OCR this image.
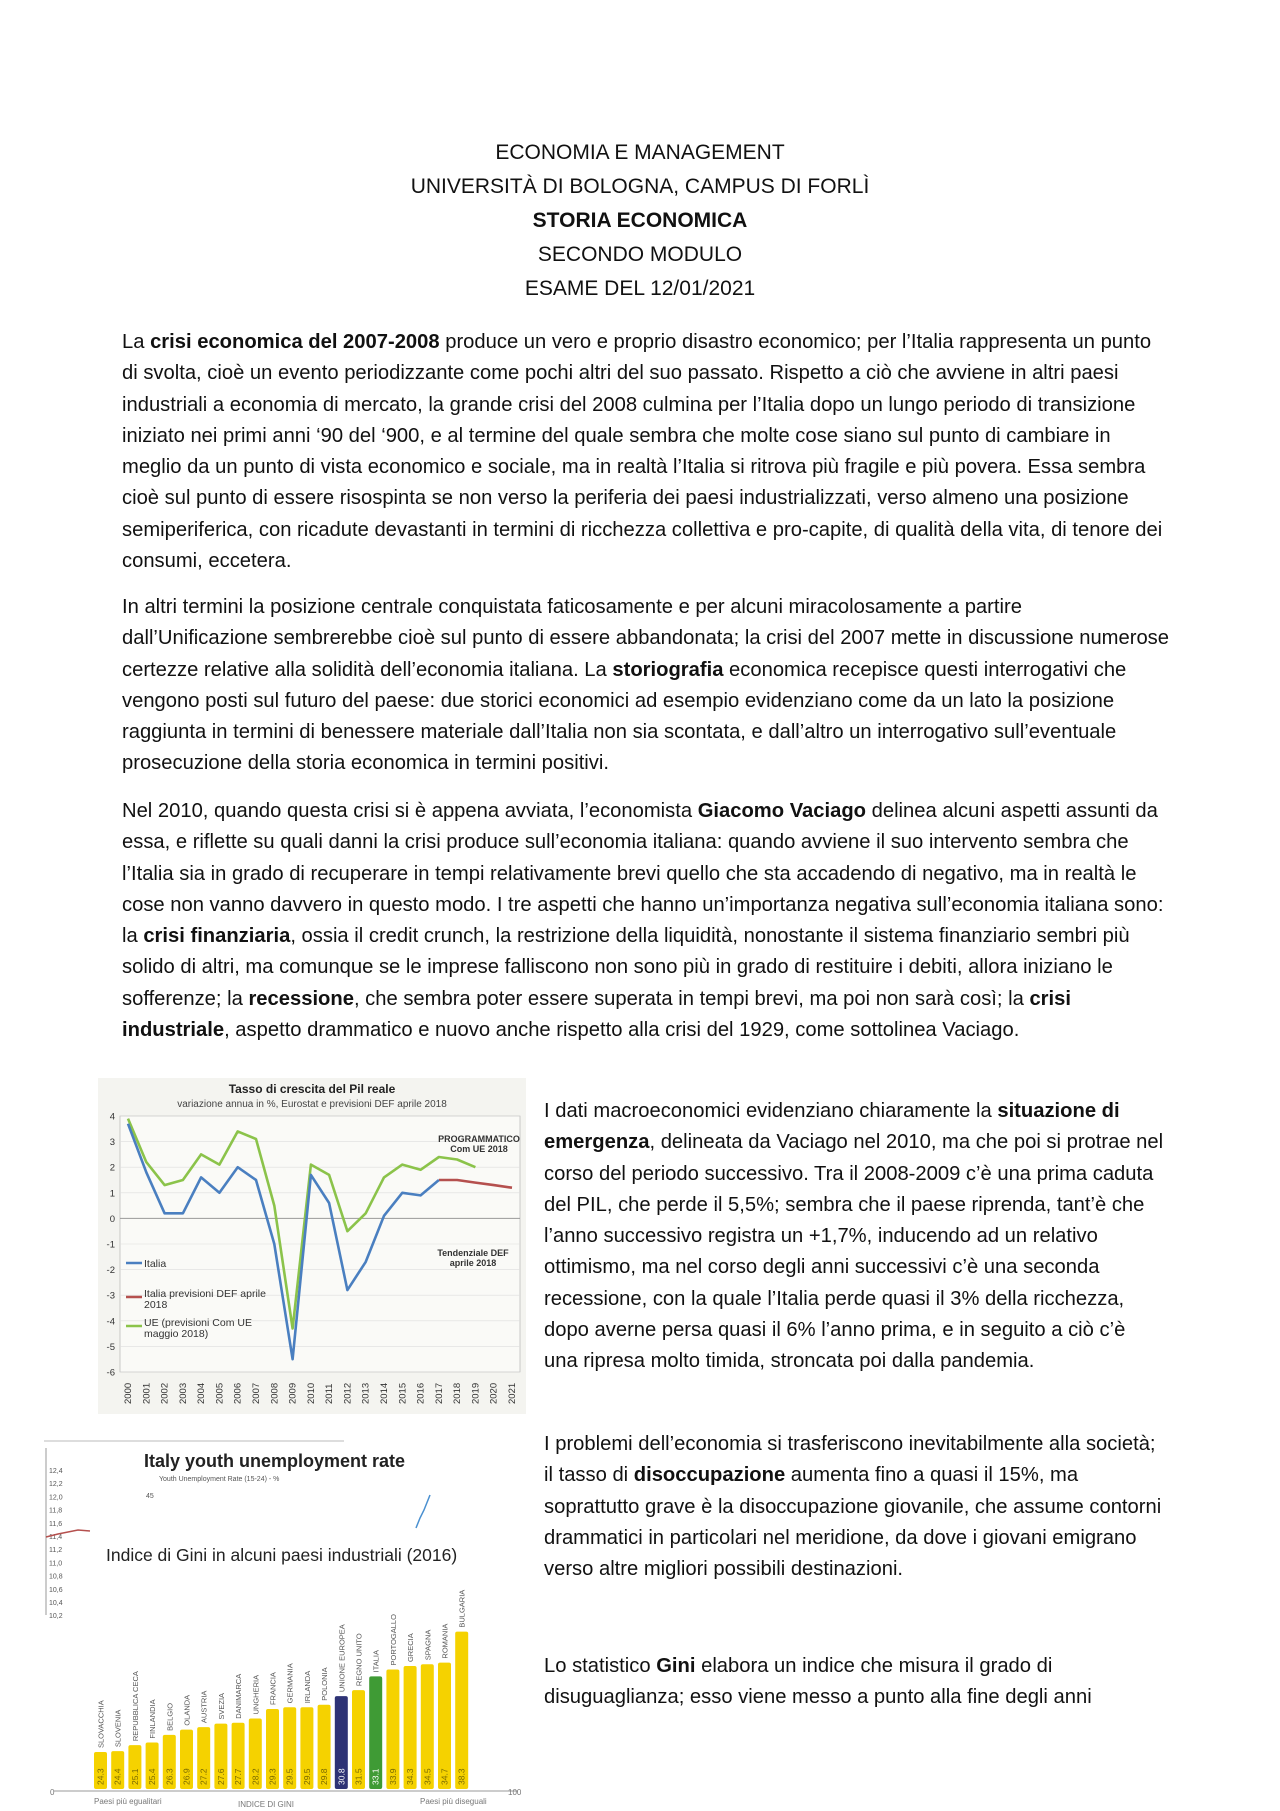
ECONOMIA E MANAGEMENT
UNIVERSITÀ DI BOLOGNA, CAMPUS DI FORLÌ
STORIA ECONOMICA
SECONDO MODULO
ESAME DEL 12/01/2021
La crisi economica del 2007-2008 produce un vero e proprio disastro economico; per l’Italia rappresenta un punto di svolta, cioè un evento periodizzante come pochi altri del suo passato. Rispetto a ciò che avviene in altri paesi industriali a economia di mercato, la grande crisi del 2008 culmina per l’Italia dopo un lungo periodo di transizione iniziato nei primi anni ‘90 del ‘900, e al termine del quale sembra che molte cose siano sul punto di cambiare in meglio da un punto di vista economico e sociale, ma in realtà l’Italia si ritrova più fragile e più povera. Essa sembra cioè sul punto di essere risospinta se non verso la periferia dei paesi industrializzati, verso almeno una posizione semiperiferica, con ricadute devastanti in termini di ricchezza collettiva e pro-capite, di qualità della vita, di tenore dei consumi, eccetera.
In altri termini la posizione centrale conquistata faticosamente e per alcuni miracolosamente a partire dall’Unificazione sembrerebbe cioè sul punto di essere abbandonata; la crisi del 2007 mette in discussione numerose certezze relative alla solidità dell’economia italiana. La storiografia economica recepisce questi interrogativi che vengono posti sul futuro del paese: due storici economici ad esempio evidenziano come da un lato la posizione raggiunta in termini di benessere materiale dall’Italia non sia scontata, e dall’altro un interrogativo sull’eventuale prosecuzione della storia economica in termini positivi.
Nel 2010, quando questa crisi si è appena avviata, l’economista Giacomo Vaciago delinea alcuni aspetti assunti da essa, e riflette su quali danni la crisi produce sull’economia italiana: quando avviene il suo intervento sembra che l’Italia sia in grado di recuperare in tempi relativamente brevi quello che sta accadendo di negativo, ma in realtà le cose non vanno davvero in questo modo. I tre aspetti che hanno un’importanza negativa sull’economia italiana sono: la crisi finanziaria, ossia il credit crunch, la restrizione della liquidità, nonostante il sistema finanziario sembri più solido di altri, ma comunque se le imprese falliscono non sono più in grado di restituire i debiti, allora iniziano le sofferenze; la recessione, che sembra poter essere superata in tempi brevi, ma poi non sarà così; la crisi industriale, aspetto drammatico e nuovo anche rispetto alla crisi del 1929, come sottolinea Vaciago.
I dati macroeconomici evidenziano chiaramente la situazione di emergenza, delineata da Vaciago nel 2010, ma che poi si protrae nel corso del periodo successivo. Tra il 2008-2009 c’è una prima caduta del PIL, che perde il 5,5%; sembra che il paese riprenda, tant’è che l’anno successivo registra un +1,7%, inducendo ad un relativo ottimismo, ma nel corso degli anni successivi c’è una seconda recessione, con la quale l’Italia perde quasi il 3% della ricchezza, dopo averne persa quasi il 6% l’anno prima, e in seguito a ciò c’è una ripresa molto timida, stroncata poi dalla pandemia.
I problemi dell’economia si trasferiscono inevitabilmente alla società; il tasso di disoccupazione aumenta fino a quasi il 15%, ma soprattutto grave è la disoccupazione giovanile, che assume contorni drammatici in particolari nel meridione, da dove i giovani emigrano verso altre migliori possibili destinazioni.
Lo statistico Gini elabora un indice che misura il grado di disuguaglianza; esso viene messo a punto alla fine degli anni
Tasso di crescita del Pil reale
variazione annua in %, Eurostat e previsioni DEF aprile 2018
4
3
2
1
0
-1
-2
-3
-4
-5
-6
2000 2001 2002 2003 2004 2005 2006 2007 2008 2009 2010 2011 2012 2013 2014 2015 2016 2017 2018 2019 2020 2021
Italia
Italia previsioni DEF aprile 2018
UE (previsioni Com UE maggio 2018)
PROGRAMMATICO Com UE 2018
Tendenziale DEF aprile 2018
12,4
12,2
12,0
11,8
11,6
11,4
11,2
11,0
10,8
10,6
10,4
10,2
Italy youth unemployment rate
Youth Unemployment Rate (15-24) - %
45
Indice di Gini in alcuni paesi industriali (2016)
24.3
SLOVACCHIA
24.4
SLOVENIA
25.1
REPUBBLICA CECA
25.4
FINLANDIA
26.3
BELGIO
26.9
OLANDA
27.2
AUSTRIA
27.6
SVEZIA
27.7
DANIMARCA
28.2
UNGHERIA
29.3
FRANCIA
29.5
GERMANIA
29.5
IRLANDA
29.8
POLONIA
30.8
UNIONE EUROPEA
31.5
REGNO UNITO
33.1
ITALIA
33.9
PORTOGALLO
34.3
GRECIA
34.5
SPAGNA
34.7
ROMANIA
38.3
BULGARIA
0	100
Paesi più egualitari	INDICE DI GINI	Paesi più diseguali
